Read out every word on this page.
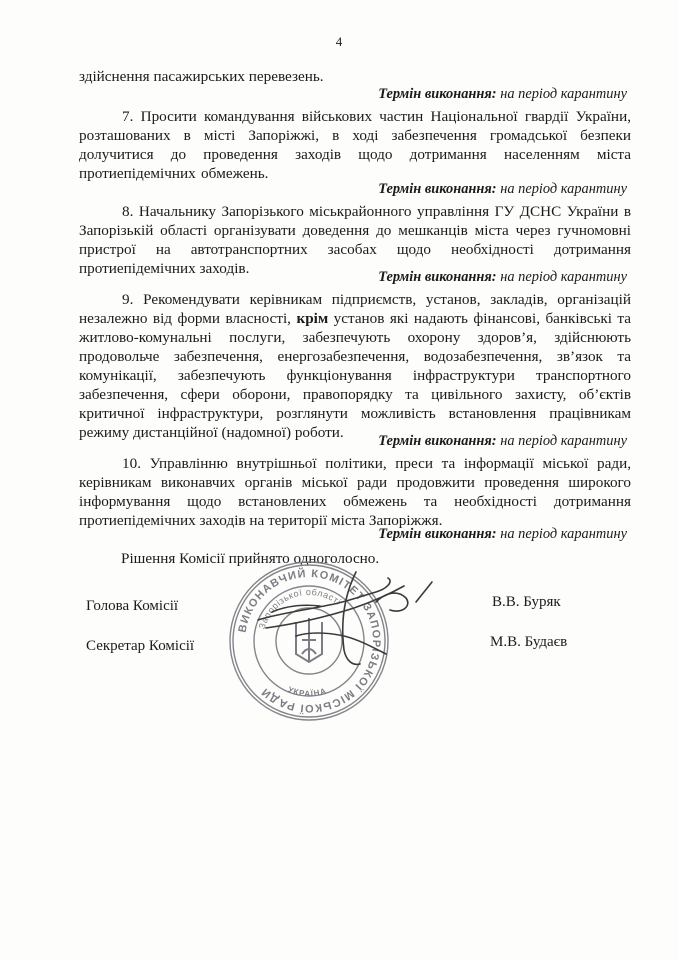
4
здійснення пасажирських перевезень.
Термін виконання: на період карантину
7. Просити командування військових частин Національної гвардії України, розташованих в місті Запоріжжі, в ході забезпечення громадської безпеки долучитися до проведення заходів щодо дотримання населенням міста протиепідемічних обмежень.
Термін виконання: на період карантину
8. Начальнику Запорізького міськрайонного управління ГУ ДСНС України в Запорізькій області організувати доведення до мешканців міста через гучномовні пристрої на автотранспортних засобах щодо необхідності дотримання протиепідемічних заходів.	Термін виконання: на період карантину
9. Рекомендувати керівникам підприємств, установ, закладів, організацій незалежно від форми власності, крім установ які надають фінансові, банківські та житлово-комунальні послуги, забезпечують охорону здоров’я, здійснюють продовольче забезпечення, енергозабезпечення, водозабезпечення, зв’язок та комунікації, забезпечують функціонування інфраструктури транспортного забезпечення, сфери оборони, правопорядку та цивільного захисту, об’єктів критичної інфраструктури, розглянути можливість встановлення працівникам режиму дистанційної (надомної) роботи.	Термін виконання: на період карантину
10. Управлінню внутрішньої політики, преси та інформації міської ради, керівникам виконавчих органів міської ради продовжити проведення широкого інформування щодо встановлених обмежень та необхідності дотримання протиепідемічних заходів на території міста Запоріжжя.
Термін виконання: на період карантину
Рішення Комісії прийнято одноголосно.
Голова Комісії	В.В. Буряк
Секретар Комісії	М.В. Будаєв
ВИКОНАВЧИЙ КОМІТЕТ ЗАПОРІЗЬКОЇ МІСЬКОЇ РАДИ
Запорізької області
УКРАЇНА
